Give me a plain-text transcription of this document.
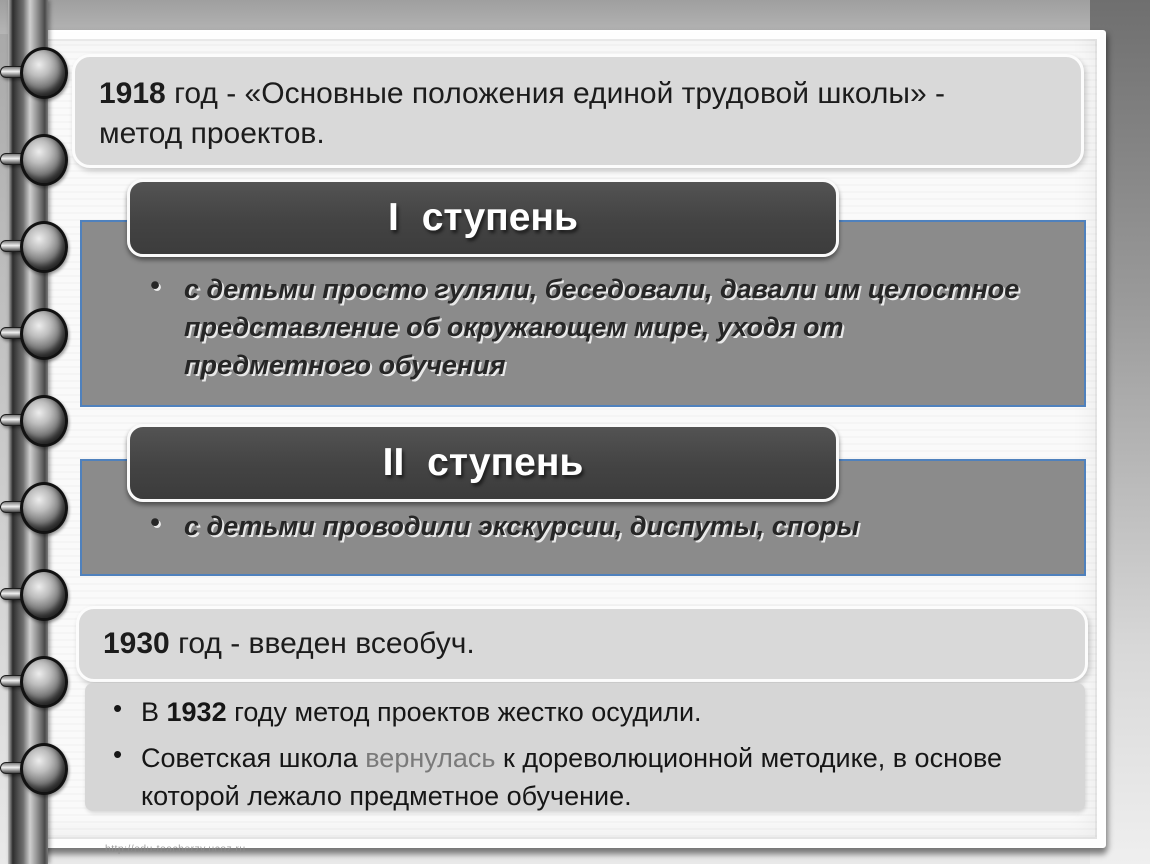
1918 год - «Основные положения единой трудовой школы» - метод проектов.

• с детьми просто гуляли, беседовали, давали им целостное представление об окружающем мире, уходя от предметного обучения
I ступень
• с детьми проводили экскурсии, диспуты, споры
II ступень

1930 год - введен всеобуч.

• В 1932 году метод проектов жестко осудили.
• Советская школа вернулась к дореволюционной методике, в основе которой лежало предметное обучение.
http://edu-teacherzv.ucoz.ru
